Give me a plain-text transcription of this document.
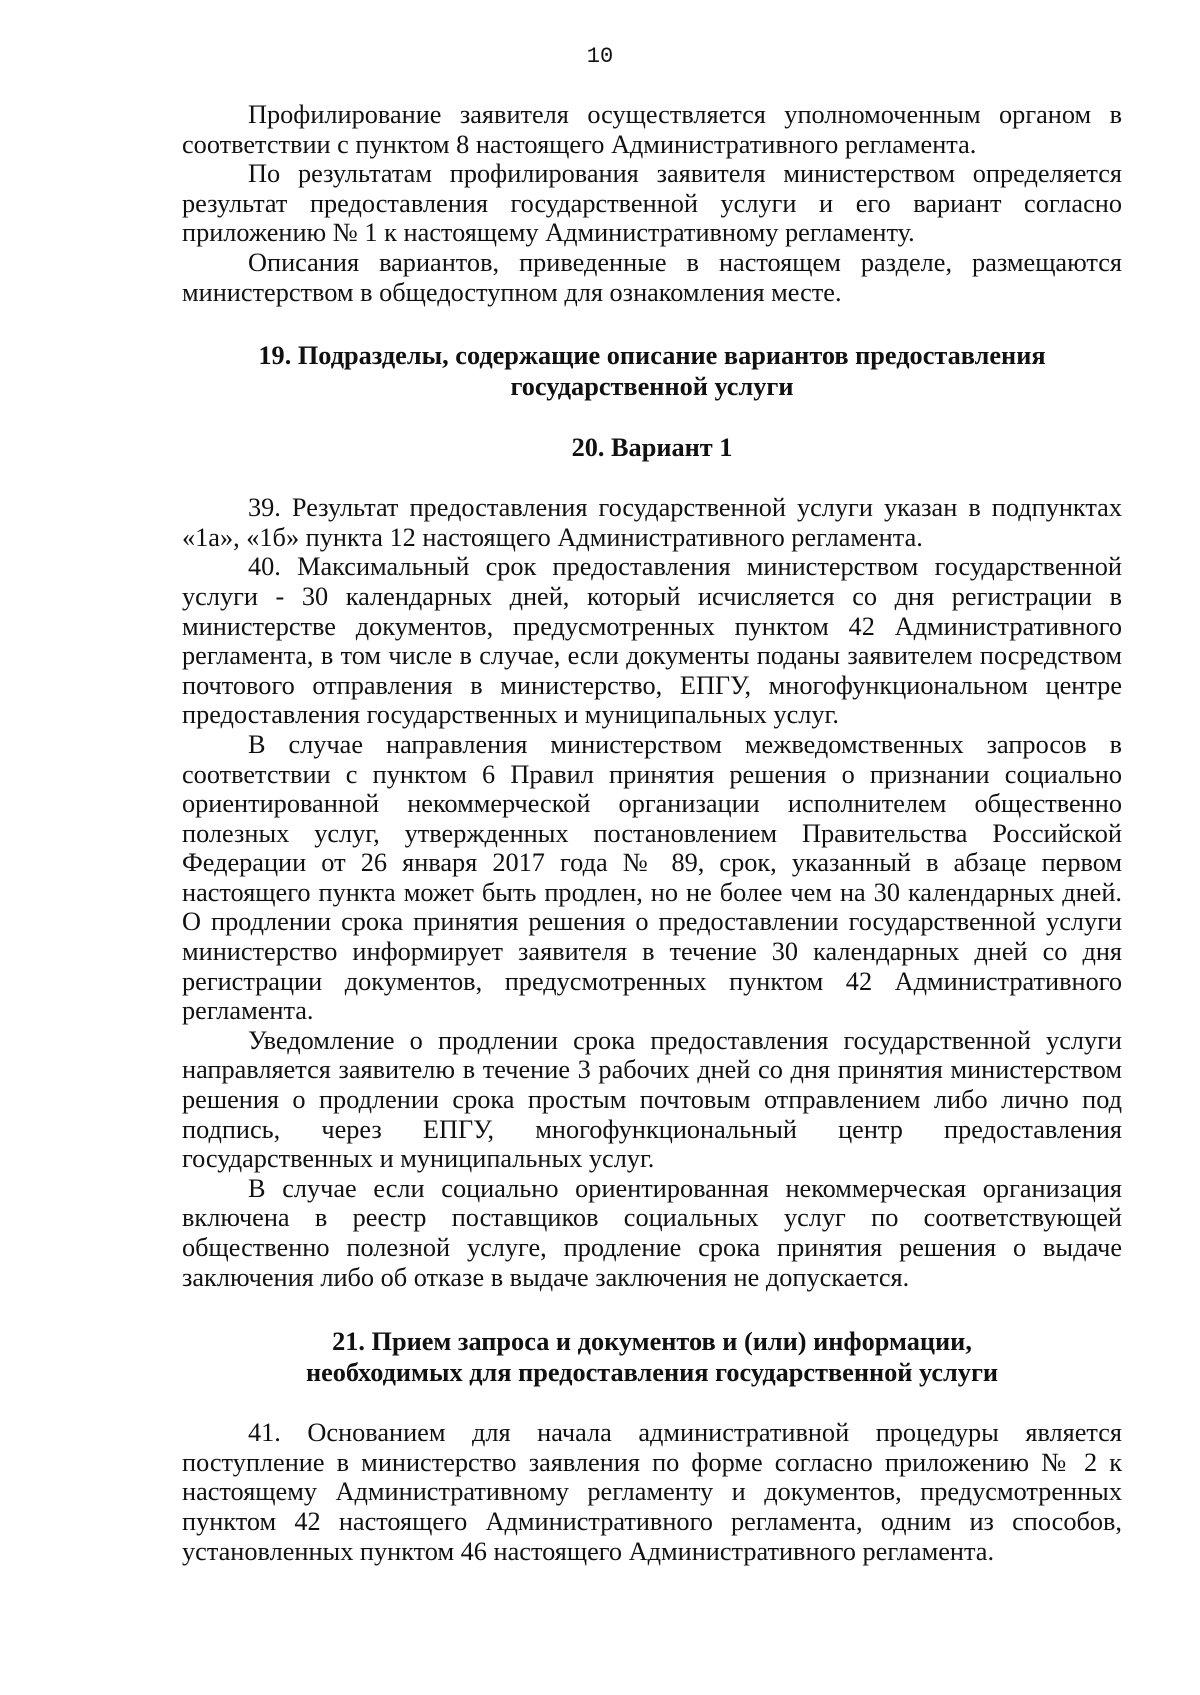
10

Профилирование заявителя осуществляется уполномоченным органом в соответствии с пунктом 8 настоящего Административного регламента.

По результатам профилирования заявителя министерством определяется результат предоставления государственной услуги и его вариант согласно приложению № 1 к настоящему Административному регламенту.

Описания вариантов, приведенные в настоящем разделе, размещаются министерством в общедоступном для ознакомления месте.

19. Подразделы, содержащие описание вариантов предоставления
государственной услуги
20. Вариант 1

39. Результат предоставления государственной услуги указан в подпунктах «1а», «1б» пункта 12 настоящего Административного регламента.

40. Максимальный срок предоставления министерством государственной услуги - 30 календарных дней, который исчисляется со дня регистрации в министерстве документов, предусмотренных пунктом 42 Административного регламента, в том числе в случае, если документы поданы заявителем посредством почтового отправления в министерство, ЕПГУ, многофункциональном центре предоставления государственных и муниципальных услуг.

В случае направления министерством межведомственных запросов в соответствии с пунктом 6 Правил принятия решения о признании социально ориентированной некоммерческой организации исполнителем общественно полезных услуг, утвержденных постановлением Правительства Российской Федерации от 26 января 2017 года № 89, срок, указанный в абзаце первом настоящего пункта может быть продлен, но не более чем на 30 календарных дней. О продлении срока принятия решения о предоставлении государственной услуги министерство информирует заявителя в течение 30 календарных дней со дня регистрации документов, предусмотренных пунктом 42 Административного регламента.

Уведомление о продлении срока предоставления государственной услуги направляется заявителю в течение 3 рабочих дней со дня принятия министерством решения о продлении срока простым почтовым отправлением либо лично под подпись, через ЕПГУ, многофункциональный центр предоставления государственных и муниципальных услуг.

В случае если социально ориентированная некоммерческая организация включена в реестр поставщиков социальных услуг по соответствующей общественно полезной услуге, продление срока принятия решения о выдаче заключения либо об отказе в выдаче заключения не допускается.

21. Прием запроса и документов и (или) информации,
необходимых для предоставления государственной услуги

41. Основанием для начала административной процедуры является поступление в министерство заявления по форме согласно приложению № 2 к настоящему Административному регламенту и документов, предусмотренных пунктом 42 настоящего Административного регламента, одним из способов, установленных пунктом 46 настоящего Административного регламента.
